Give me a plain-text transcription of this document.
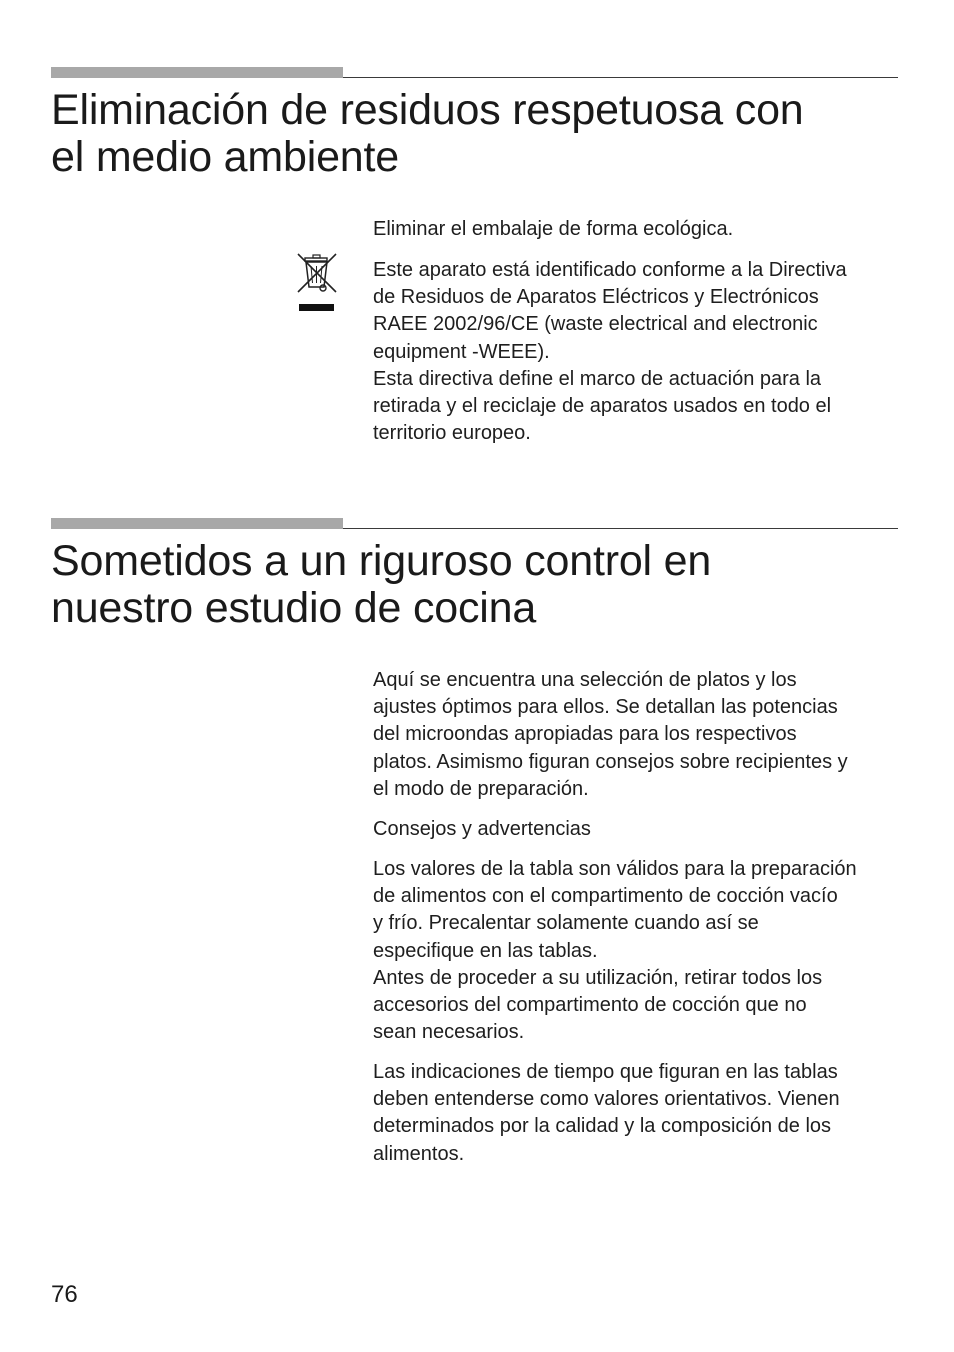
Eliminación de residuos respetuosa con
el medio ambiente

Eliminar el embalaje de forma ecológica.

Este aparato está identificado conforme a la Directiva
de Residuos de Aparatos Eléctricos y Electrónicos
RAEE 2002/96/CE (waste electrical and electronic
equipment -WEEE).
Esta directiva define el marco de actuación para la
retirada y el reciclaje de aparatos usados en todo el
territorio europeo.

Sometidos a un riguroso control en
nuestro estudio de cocina

Aquí se encuentra una selección de platos y los
ajustes óptimos para ellos. Se detallan las potencias
del microondas apropiadas para los respectivos
platos. Asimismo figuran consejos sobre recipientes y
el modo de preparación.

Consejos y advertencias

Los valores de la tabla son válidos para la preparación
de alimentos con el compartimento de cocción vacío
y frío. Precalentar solamente cuando así se
especifique en las tablas.
Antes de proceder a su utilización, retirar todos los
accesorios del compartimento de cocción que no
sean necesarios.

Las indicaciones de tiempo que figuran en las tablas
deben entenderse como valores orientativos. Vienen
determinados por la calidad y la composición de los
alimentos.

76
